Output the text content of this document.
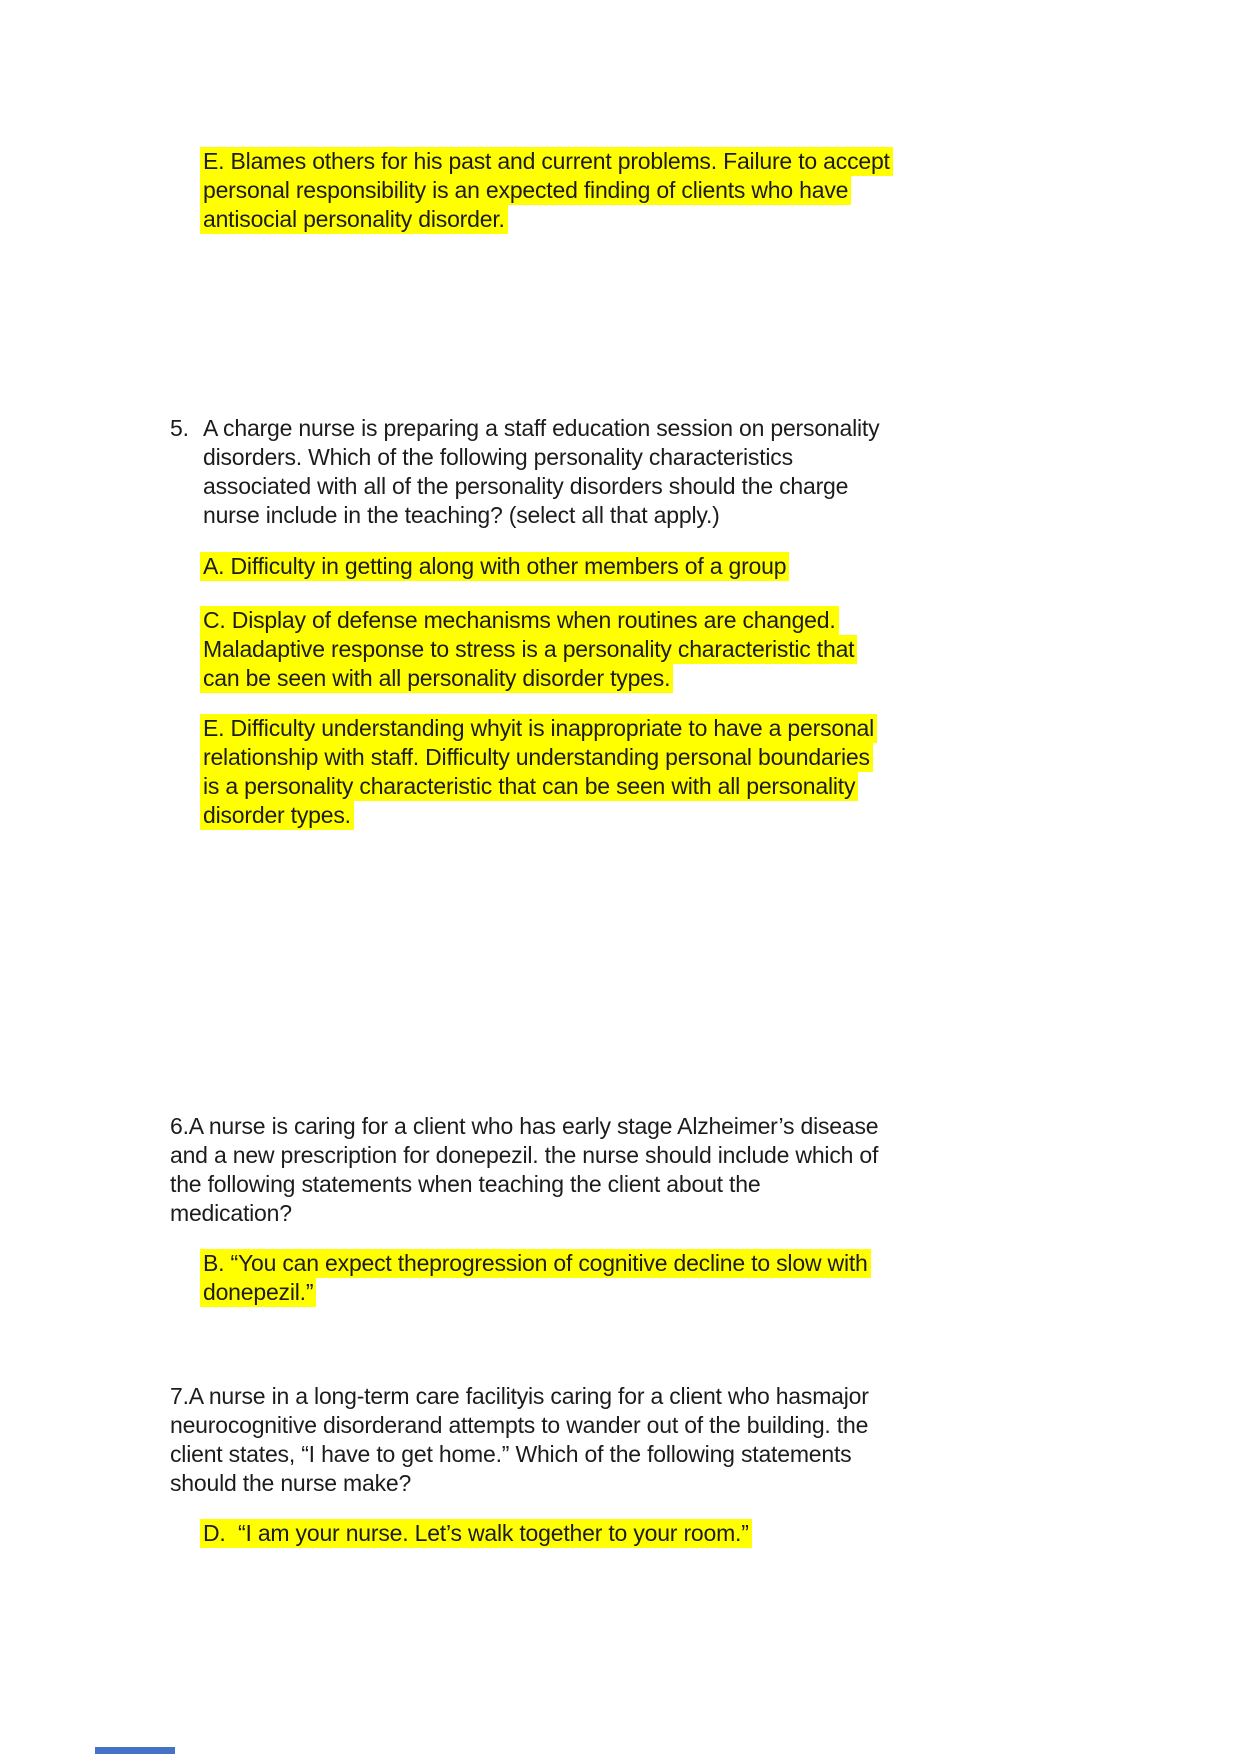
E. Blames others for his past and current problems. Failure to accept
personal responsibility is an expected finding of clients who have
antisocial personality disorder.
5. A charge nurse is preparing a staff education session on personality
disorders. Which of the following personality characteristics
associated with all of the personality disorders should the charge
nurse include in the teaching? (select all that apply.)
A. Difficulty in getting along with other members of a group
C. Display of defense mechanisms when routines are changed.
Maladaptive response to stress is a personality characteristic that
can be seen with all personality disorder types.
E. Difficulty understanding whyit is inappropriate to have a personal
relationship with staff. Difficulty understanding personal boundaries
is a personality characteristic that can be seen with all personality
disorder types.
6.A nurse is caring for a client who has early stage Alzheimer’s disease
and a new prescription for donepezil. the nurse should include which of
the following statements when teaching the client about the
medication?
B. “You can expect theprogression of cognitive decline to slow with
donepezil.”
7.A nurse in a long-term care facilityis caring for a client who hasmajor
neurocognitive disorderand attempts to wander out of the building. the
client states, “I have to get home.” Which of the following statements
should the nurse make?
D.  “I am your nurse. Let’s walk together to your room.”
